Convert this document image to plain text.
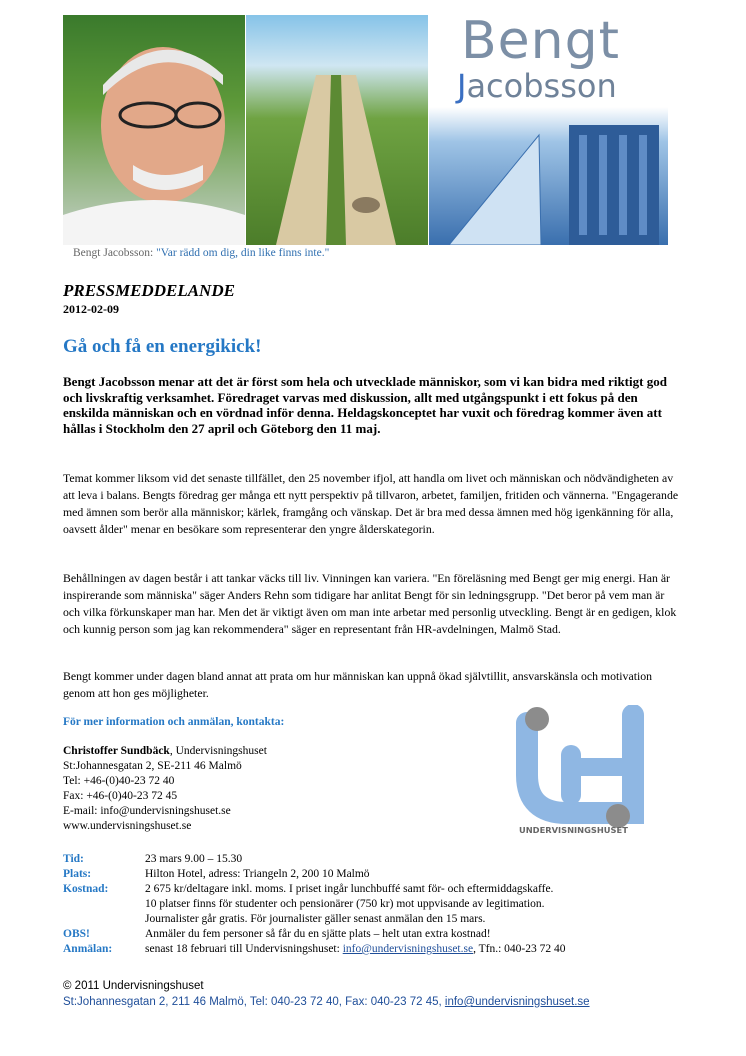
Bengt
Jacobsson
Bengt Jacobsson: "Var rädd om dig, din like finns inte."
PRESSMEDDELANDE
2012-02-09
Gå och få en energikick!

Bengt Jacobsson menar att det är först som hela och utvecklade människor, som vi kan bidra med riktigt god och livskraftig verksamhet. Föredraget varvas med diskussion, allt med utgångspunkt i ett fokus på den enskilda människan och en vördnad inför denna. Heldagskonceptet har vuxit och föredrag kommer även att hållas i Stockholm den 27 april och Göteborg den 11 maj.

Temat kommer liksom vid det senaste tillfället, den 25 november ifjol, att handla om livet och människan och nödvändigheten av att leva i balans. Bengts föredrag ger många ett nytt perspektiv på tillvaron, arbetet, familjen, fritiden och vännerna. "Engagerande med ämnen som berör alla människor; kärlek, framgång och vänskap. Det är bra med dessa ämnen med hög igenkänning för alla, oavsett ålder" menar en besökare som representerar den yngre ålderskategorin.

Behållningen av dagen består i att tankar väcks till liv. Vinningen kan variera. "En föreläsning med Bengt ger mig energi. Han är inspirerande som människa" säger Anders Rehn som tidigare har anlitat Bengt för sin ledningsgrupp. "Det beror på vem man är och vilka förkunskaper man har. Men det är viktigt även om man inte arbetar med personlig utveckling. Bengt är en gedigen, klok och kunnig person som jag kan rekommendera" säger en representant från HR-avdelningen, Malmö Stad.

Bengt kommer under dagen bland annat att prata om hur människan kan uppnå ökad självtillit, ansvarskänsla och motivation genom att hon ges möjligheter.

För mer information och anmälan, kontakta:
Christoffer Sundbäck, Undervisningshuset
St:Johannesgatan 2, SE-211 46 Malmö
Tel: +46-(0)40-23 72 40
Fax: +46-(0)40-23 72 45
E-mail: info@undervisningshuset.se
www.undervisningshuset.se	UNDERVISNINGSHUSET
Tid:	23 mars 9.00 – 15.30
Plats:	Hilton Hotel, adress: Triangeln 2, 200 10 Malmö
Kostnad:	2 675 kr/deltagare inkl. moms. I priset ingår lunchbuffé samt för- och eftermiddagskaffe.
10 platser finns för studenter och pensionärer (750 kr) mot uppvisande av legitimation.
Journalister går gratis. För journalister gäller senast anmälan den 15 mars.
OBS!	Anmäler du fem personer så får du en sjätte plats – helt utan extra kostnad!
Anmälan:	senast 18 februari till Undervisningshuset: info@undervisningshuset.se, Tfn.: 040-23 72 40
© 2011 Undervisningshuset
St:Johannesgatan 2, 211 46 Malmö, Tel: 040-23 72 40, Fax: 040-23 72 45, info@undervisningshuset.se
